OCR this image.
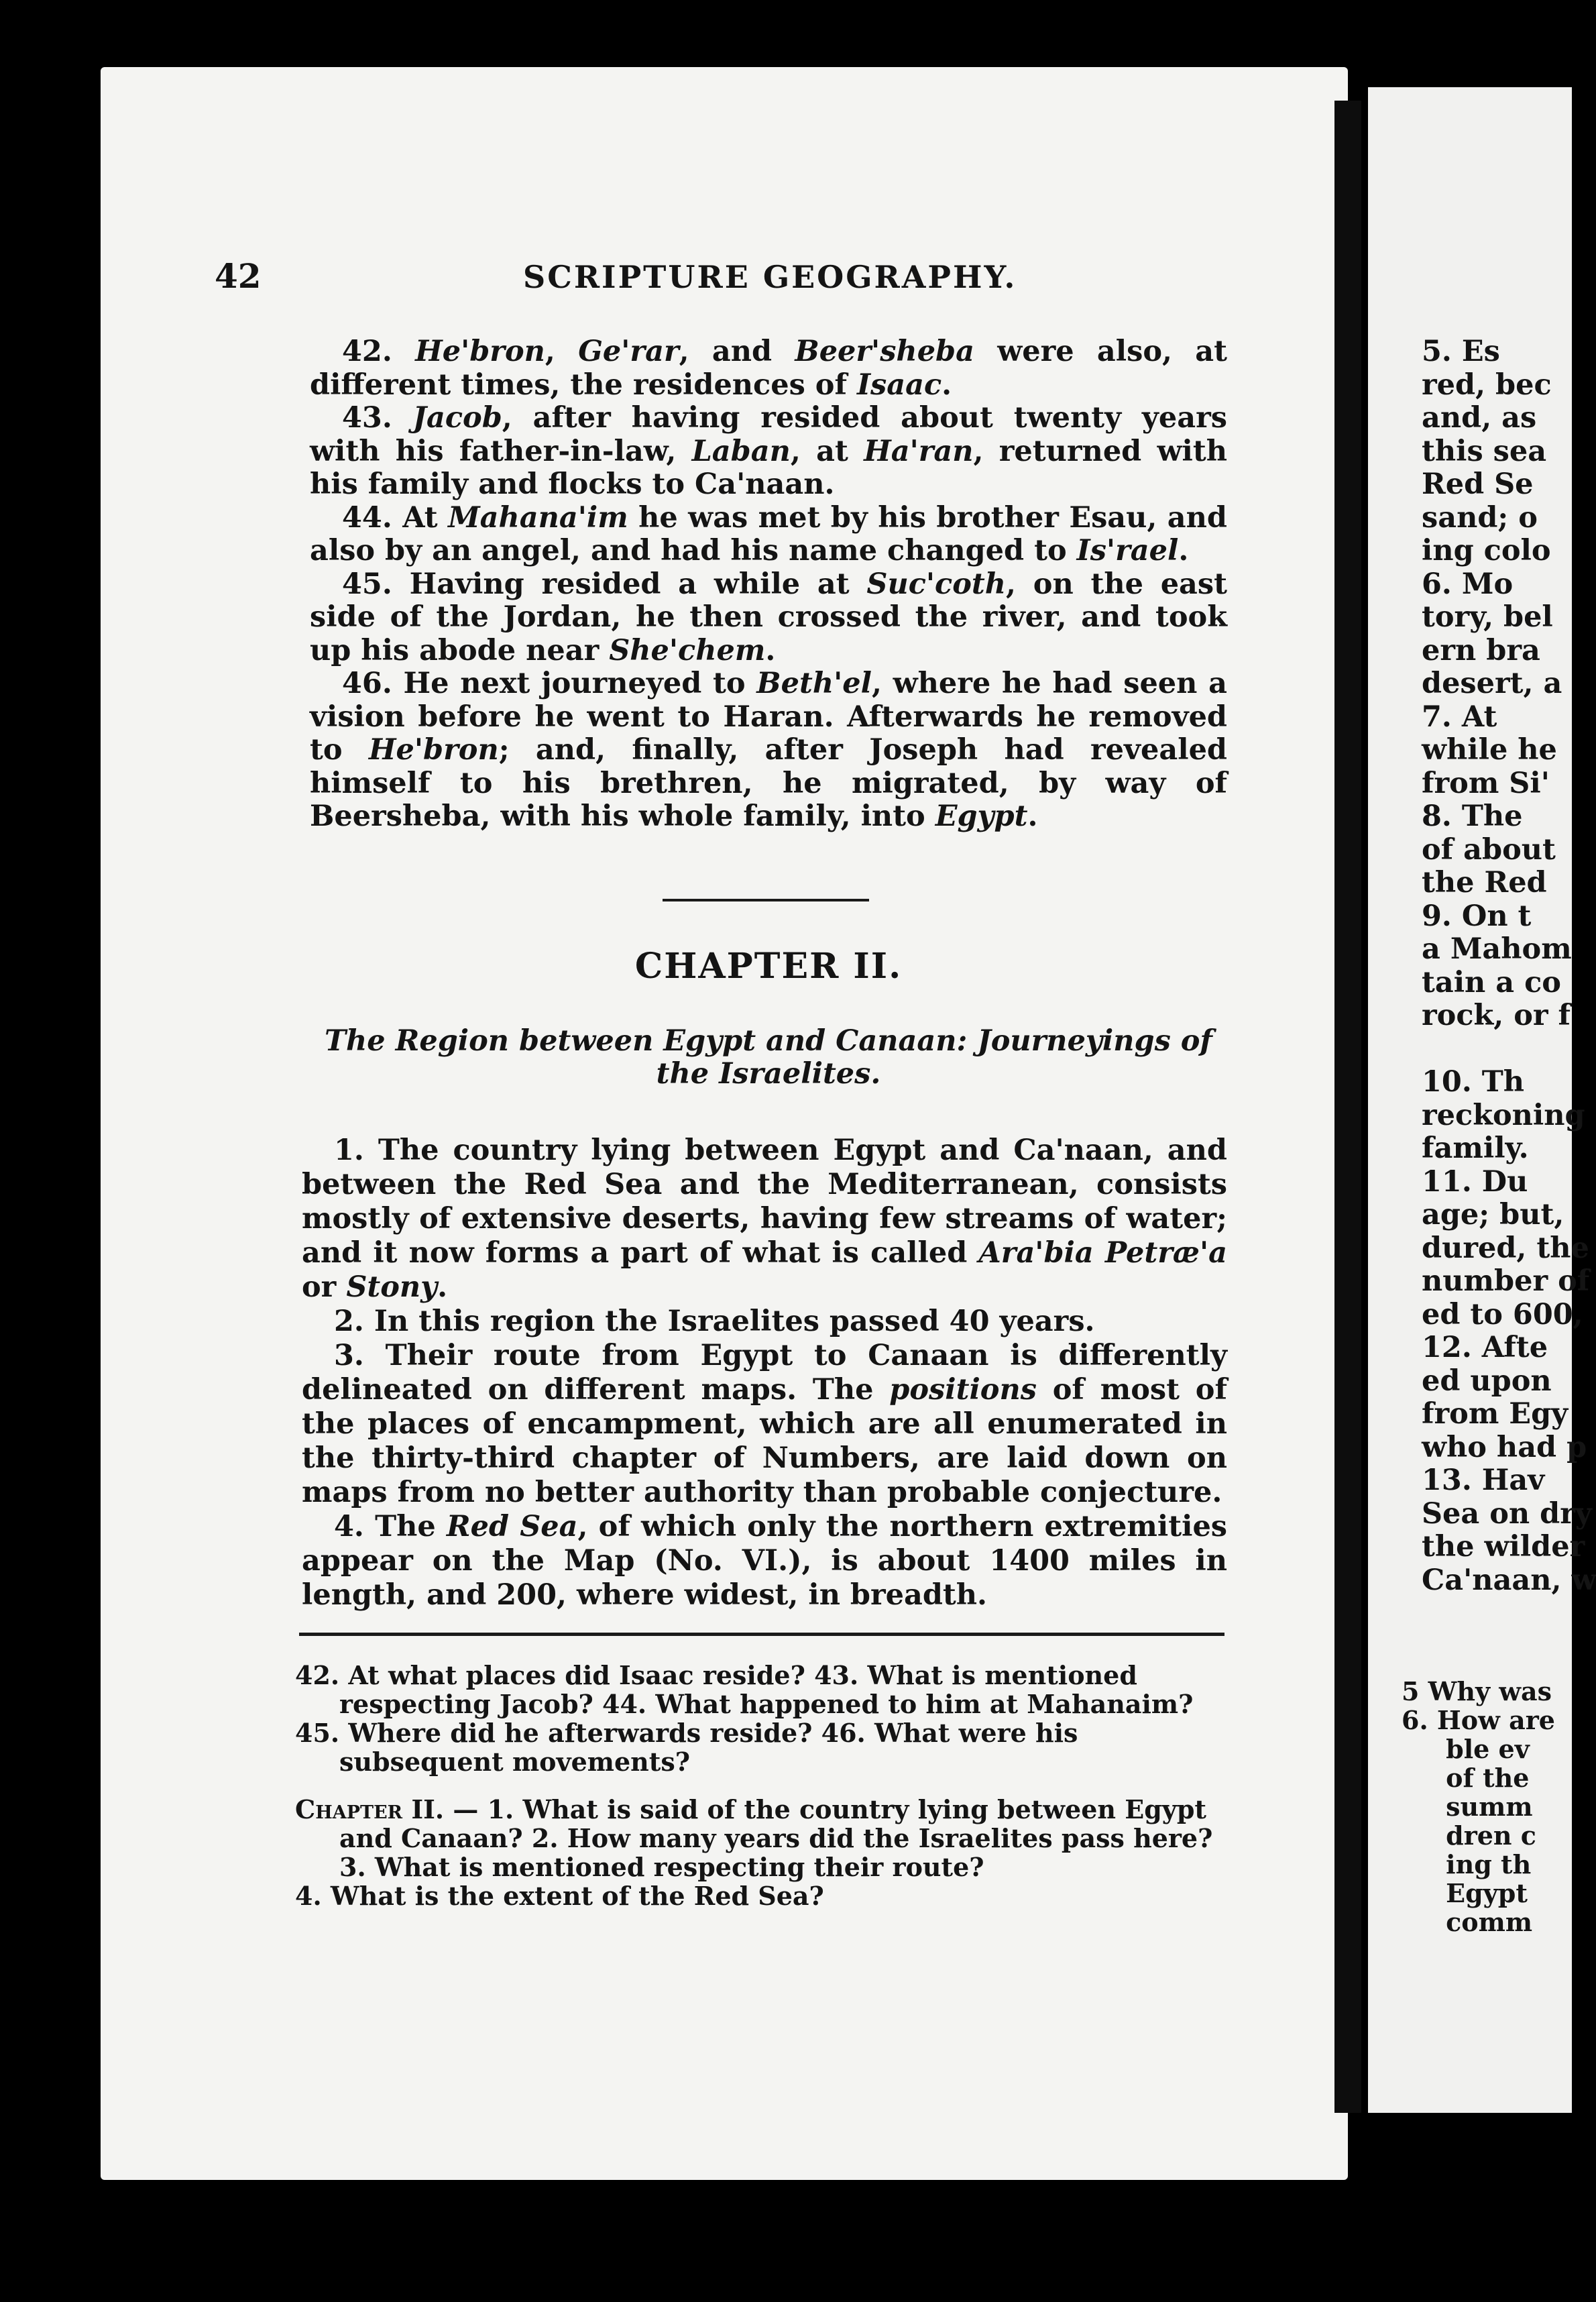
5. Es
red, bec
and, as
this sea
Red Se
sand; o
ing colo
6. Mo
tory, bel
ern bra
desert, a
7. At
while he
from Si'
8. The
of about
the Red
9. On t
a Mahom
tain a co
rock, or f

10. Th
reckoning
family.
11. Du
age; but,
dured, the
number of
ed to 600,
12. Afte
ed upon
from Egy
who had p
13. Hav
Sea on dry
the wilder
Ca'naan, w
5 Why was
6. How are
ble ev
of the
summ
dren c
ing th
Egypt
comm
42	SCRIPTURE GEOGRAPHY.

42. He'bron, Ge'rar, and Beer'sheba were also, at different times, the residences of Isaac.

43. Jacob, after having resided about twenty years with his father-in-law, Laban, at Ha'ran, returned with his family and flocks to Ca'naan.

44. At Mahana'im he was met by his brother Esau, and also by an angel, and had his name changed to Is'rael.

45. Having resided a while at Suc'coth, on the east side of the Jordan, he then crossed the river, and took up his abode near She'chem.

46. He next journeyed to Beth'el, where he had seen a vision before he went to Haran. Afterwards he removed to He'bron; and, finally, after Joseph had revealed himself to his brethren, he migrated, by way of Beersheba, with his whole family, into Egypt.

CHAPTER II.
The Region between Egypt and Canaan: Journeyings of the Israelites.

1. The country lying between Egypt and Ca'naan, and between the Red Sea and the Mediterranean, consists mostly of extensive deserts, having few streams of water; and it now forms a part of what is called Ara'bia Petræ'a or Stony.

2. In this region the Israelites passed 40 years.

3. Their route from Egypt to Canaan is differently delineated on different maps. The positions of most of the places of encampment, which are all enumerated in the thirty-third chapter of Numbers, are laid down on maps from no better authority than probable conjecture.

4. The Red Sea, of which only the northern extremities appear on the Map (No. VI.), is about 1400 miles in length, and 200, where widest, in breadth.

42. At what places did Isaac reside? 43. What is mentioned respecting Jacob? 44. What happened to him at Mahanaim?

45. Where did he afterwards reside? 46. What were his subsequent movements?

Chapter II. — 1. What is said of the country lying between Egypt and Canaan? 2. How many years did the Israelites pass here? 3. What is mentioned respecting their route?

4. What is the extent of the Red Sea?
